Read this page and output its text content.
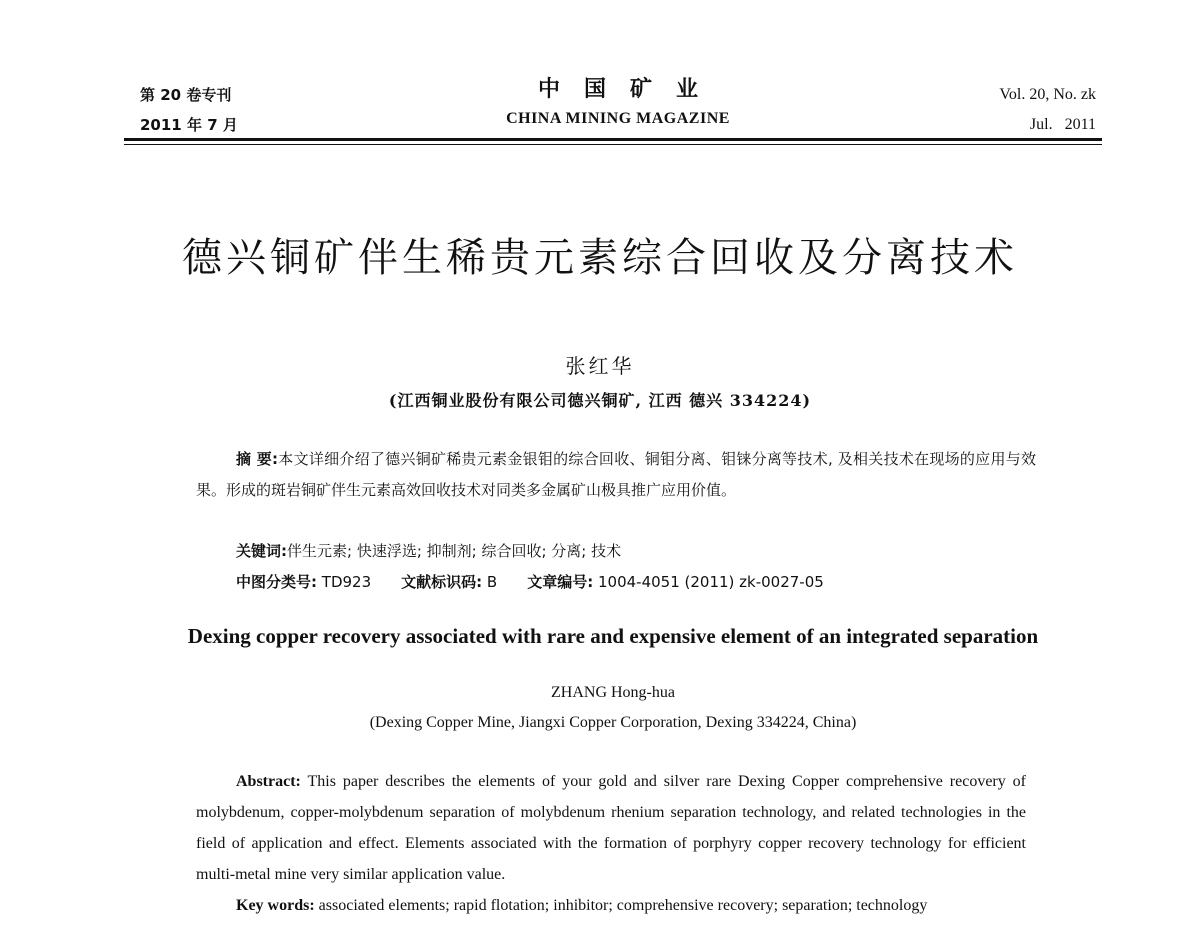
第 20 卷专刊
2011 年 7 月
中国矿业
CHINA MINING MAGAZINE
Vol. 20, No. zk
Jul.   2011
德兴铜矿伴生稀贵元素综合回收及分离技术
张红华
(江西铜业股份有限公司德兴铜矿, 江西 德兴 334224)
摘 要:本文详细介绍了德兴铜矿稀贵元素金银钼的综合回收、铜钼分离、钼铼分离等技术, 及相关技术在现场的应用与效果。形成的斑岩铜矿伴生元素高效回收技术对同类多金属矿山极具推广应用价值。
关键词:伴生元素; 快速浮选; 抑制剂; 综合回收; 分离; 技术
中图分类号: TD923 文献标识码: B 文章编号: 1004-4051 (2011) zk-0027-05
Dexing copper recovery associated with rare and expensive element of an integrated separation
ZHANG Hong-hua
(Dexing Copper Mine, Jiangxi Copper Corporation, Dexing 334224, China)
Abstract: This paper describes the elements of your gold and silver rare Dexing Copper comprehensive recovery of molybdenum, copper-molybdenum separation of molybdenum rhenium separation technology, and related technologies in the field of application and effect. Elements associated with the formation of porphyry copper recovery technology for efficient multi-metal mine very similar application value.
Key words: associated elements; rapid flotation; inhibitor; comprehensive recovery; separation; technology
